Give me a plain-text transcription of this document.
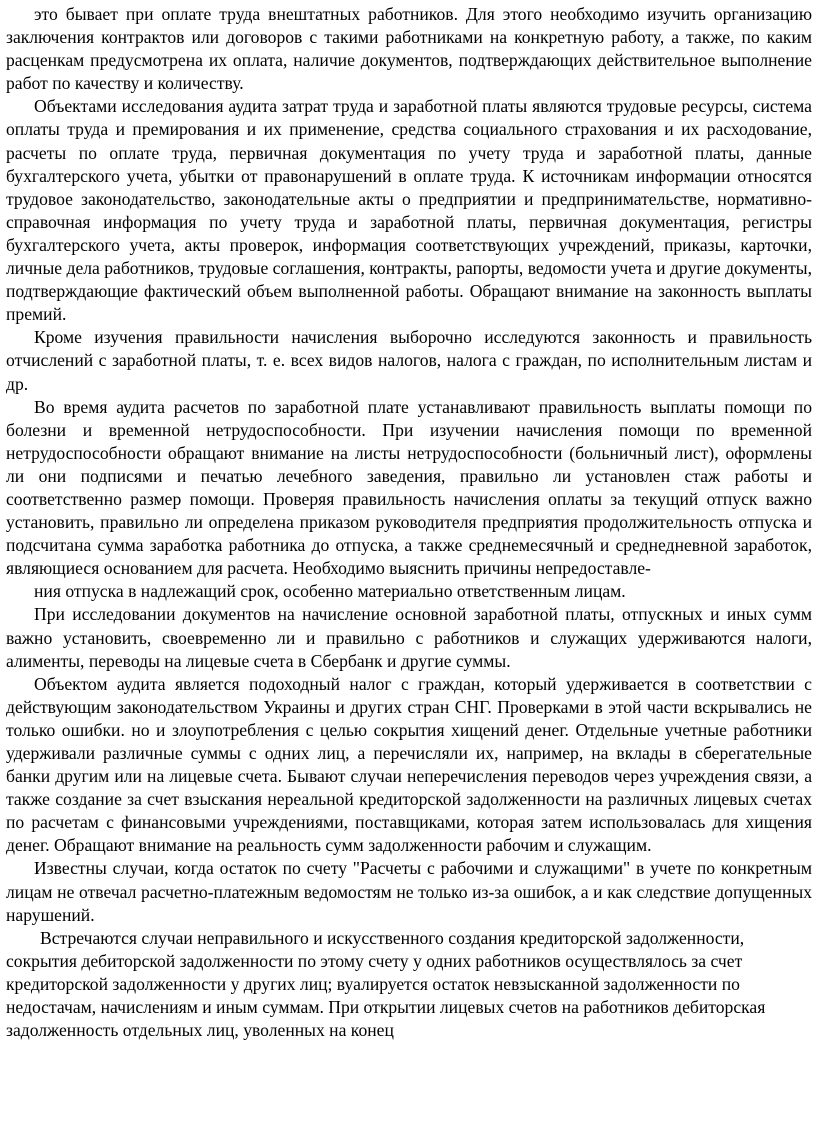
это бывает при оплате труда внештатных работников. Для этого необходимо изучить организацию заключения контрактов или договоров с такими работниками на конкретную работу, а также, по каким расценкам предусмотрена их оплата, наличие документов, подтверждающих действительное выполнение работ по качеству и количеству.

Объектами исследования аудита затрат труда и заработной платы являются трудовые ресурсы, система оплаты труда и премирования и их применение, средства социального страхования и их расходование, расчеты по оплате труда, первичная документация по учету труда и заработной платы, данные бухгалтерского учета, убытки от правонарушений в оплате труда. К источникам информации относятся трудовое законодательство, законодательные акты о предприятии и предпринимательстве, нормативно-справочная информация по учету труда и заработной платы, первичная документация, регистры бухгалтерского учета, акты проверок, информация соответствующих учреждений, приказы, карточки, личные дела работников, трудовые соглашения, контракты, рапорты, ведомости учета и другие документы, подтверждающие фактический объем выполненной работы. Обращают внимание на законность выплаты премий.

Кроме изучения правильности начисления выборочно исследуются законность и правильность отчислений с заработной платы, т. е. всех видов налогов, налога с граждан, по исполнительным листам и др.

Во время аудита расчетов по заработной плате устанавливают правильность выплаты помощи по болезни и временной нетрудоспособности. При изучении начисления помощи по временной нетрудоспособности обращают внимание на листы нетрудоспособности (больничный лист), оформлены ли они подписями и печатью лечебного заведения, правильно ли установлен стаж работы и соответственно размер помощи. Проверяя правильность начисления оплаты за текущий отпуск важно установить, правильно ли определена приказом руководителя предприятия продолжительность отпуска и подсчитана сумма заработка работника до отпуска, а также среднемесячный и среднедневной заработок, являющиеся основанием для расчета. Необходимо выяснить причины непредоставле-

ния отпуска в надлежащий срок, особенно материально ответственным лицам.

При исследовании документов на начисление основной заработной платы, отпускных и иных сумм важно установить, своевременно ли и правильно с работников и служащих удерживаются налоги, алименты, переводы на лицевые счета в Сбербанк и другие суммы.

Объектом аудита является подоходный налог с граждан, который удерживается в соответствии с действующим законодательством Украины и других стран СНГ. Проверками в этой части вскрывались не только ошибки. но и злоупотребления с целью сокрытия хищений денег. Отдельные учетные работники удерживали различные суммы с одних лиц, а перечисляли их, например, на вклады в сберегательные банки другим или на лицевые счета. Бывают случаи неперечисления переводов через учреждения связи, а также создание за счет взыскания нереальной кредиторской задолженности на различных лицевых счетах по расчетам с финансовыми учреждениями, поставщиками, которая затем использовалась для хищения денег. Обращают внимание на реальность сумм задолженности рабочим и служащим.

Известны случаи, когда остаток по счету "Расчеты с рабочими и служащими" в учете по конкретным лицам не отвечал расчетно-платежным ведомостям не только из-за ошибок, а и как следствие допущенных нарушений.

Встречаются случаи неправильного и искусственного создания кредиторской задолженности, сокрытия дебиторской задолженности по этому счету у одних работников осуществлялось за счет кредиторской задолженности у других лиц; вуалируется остаток невзысканной задолженности по недостачам, начислениям и иным суммам. При открытии лицевых счетов на работников дебиторская задолженность отдельных лиц, уволенных на конец
